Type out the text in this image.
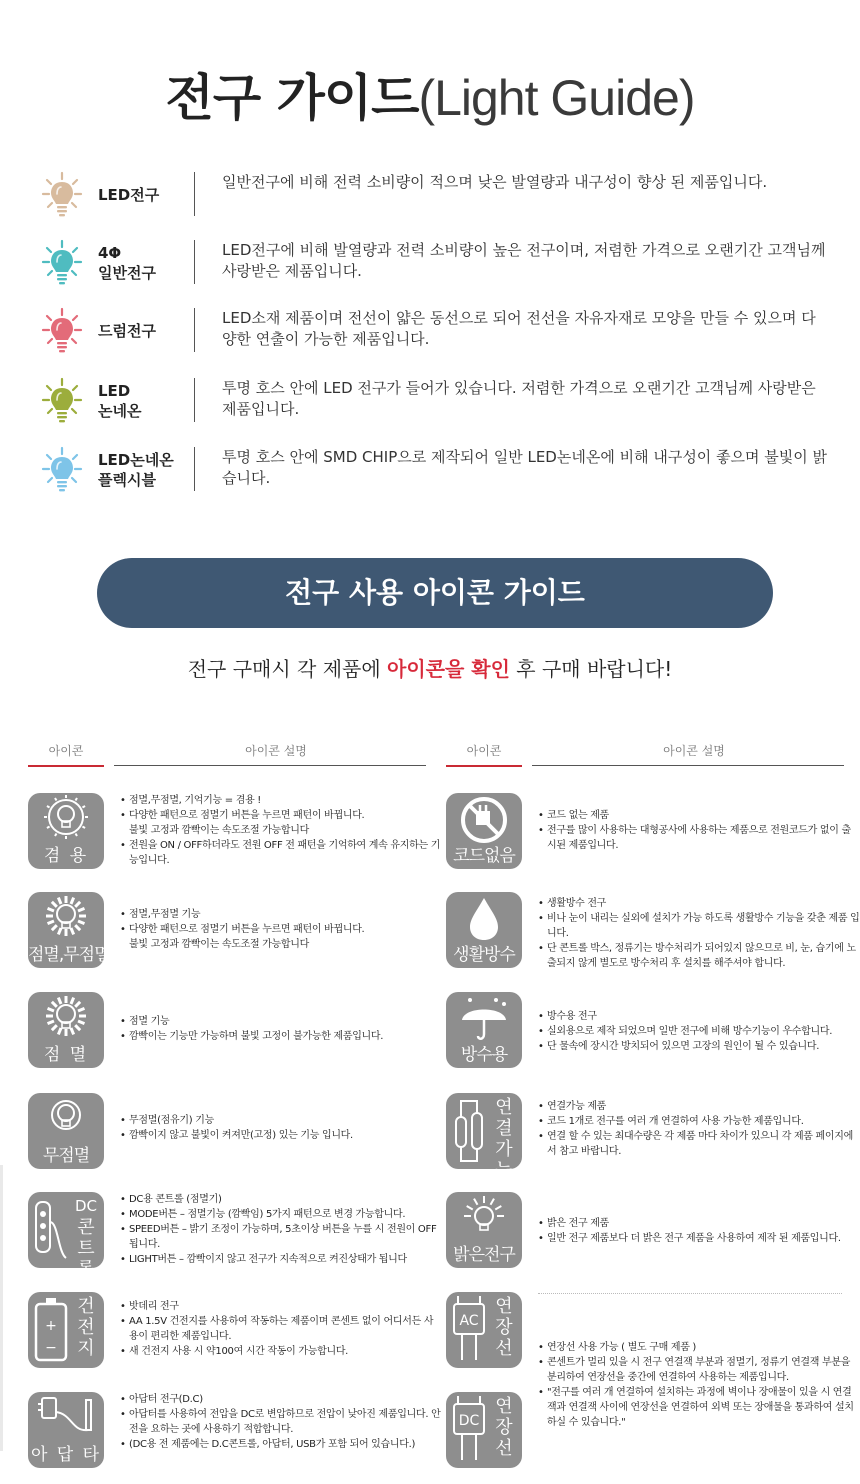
전구 가이드(Light Guide)
LED전구
일반전구에 비해 전력 소비량이 적으며 낮은 발열량과 내구성이 향상 된 제품입니다.
4Φ
일반전구
LED전구에 비해 발열량과 전력 소비량이 높은 전구이며, 저렴한 가격으로 오랜기간 고객님께 사랑받은 제품입니다.
드럼전구
LED소재 제품이며 전선이 얇은 동선으로 되어 전선을 자유자재로 모양을 만들 수 있으며 다양한 연출이 가능한 제품입니다.
LED
논네온
투명 호스 안에 LED 전구가 들어가 있습니다. 저렴한 가격으로 오랜기간 고객님께 사랑받은 제품입니다.
LED논네온
플렉시블
투명 호스 안에 SMD CHIP으로 제작되어 일반 LED논네온에 비해 내구성이 좋으며 불빛이 밝습니다.
전구 사용 아이콘 가이드
전구 구매시 각 제품에 아이콘을 확인 후 구매 바랍니다!
아이콘	아이콘 설명
겸 용
• 점멸,무점멸, 기억기능 = 겸용 !
• 다양한 패턴으로 점멸기 버튼을 누르면 패턴이 바뀝니다.
불빛 고정과 깜빡이는 속도조절 가능합니다
• 전원을 ON / OFF하더라도 전원 OFF 전 패턴을 기억하여 계속 유지하는 기능입니다.
점멸,무점멸
• 점멸,무점멸 기능
• 다양한 패턴으로 점멸기 버튼을 누르면 패턴이 바뀝니다.
불빛 고정과 깜빡이는 속도조절 가능합니다
점 멸
• 점멸 기능
• 깜빡이는 기능만 가능하며 불빛 고정이 불가능한 제품입니다.
무점멸
• 무점멸(점유기) 기능
• 깜빡이지 않고 불빛이 켜져만(고정) 있는 기능 입니다.
DC
콘
트
롤
• DC용 콘트롤 (점멸기)
• MODE버튼 – 점멸기능 (깜빡임) 5가지 패턴으로 변경 가능합니다.
• SPEED버튼 – 밝기 조정이 가능하며, 5초이상 버튼을 누를 시 전원이 OFF 됩니다.
• LIGHT버튼 – 깜빡이지 않고 전구가 지속적으로 켜진상태가 됩니다
+
−
건
전
지
• 밧데리 전구
• AA 1.5V 건전지를 사용하여 작동하는 제품이며 콘센트 없이 어디서든 사용이 편리한 제품입니다.
• 새 건전지 사용 시 약100여 시간 작동이 가능합니다.
아 답 타
• 아답터 전구(D.C)
• 아답터를 사용하여 전압을 DC로 변압하므로 전압이 낮아진 제품입니다. 안전을 요하는 곳에 사용하기 적합합니다.
• (DC용 전 제품에는 D.C콘트롤, 아답터, USB가 포함 되어 있습니다.)
아이콘	아이콘 설명
코드없음
• 코드 없는 제품
• 전구를 많이 사용하는 대형공사에 사용하는 제품으로 전원코드가 없이 출시된 제품입니다.
생활방수
• 생활방수 전구
• 비나 눈이 내리는 실외에 설치가 가능 하도록 생활방수 기능을 갖춘 제품 입니다.
• 단 콘트롤 박스, 정류기는 방수처리가 되어있지 않으므로 비, 눈, 습기에 노출되지 않게 별도로 방수처리 후 설치를 해주셔야 합니다.
방수용
• 방수용 전구
• 실외용으로 제작 되었으며 일반 전구에 비해 방수기능이 우수합니다.
• 단 물속에 장시간 방치되어 있으면 고장의 원인이 될 수 있습니다.
연
결
가
능
• 연결가능 제품
• 코드 1개로 전구를 여러 개 연결하여 사용 가능한 제품입니다.
• 연결 할 수 있는 최대수량은 각 제품 마다 차이가 있으니 각 제품 페이지에서 참고 바랍니다.
밝은전구
• 밝은 전구 제품
• 일반 전구 제품보다 더 밝은 전구 제품을 사용하여 제작 된 제품입니다.
AC
연
장
선
•	연장선 사용 가능 ( 별도 구매 제품 )
• 콘센트가 멀리 있을 시 전구 연결잭 부분과 점멸기, 정류기 연결잭 부분을 분리하여 연장선을 중간에 연결하여 사용하는 제품입니다.
• "전구를 여러 개 연결하여 설치하는 과정에 벽이나 장애물이 있을 시 연결잭과 연결잭 사이에 연장선을 연결하여 외벽 또는 장애물을 통과하여 설치 하실 수 있습니다."
DC
연
장
선
